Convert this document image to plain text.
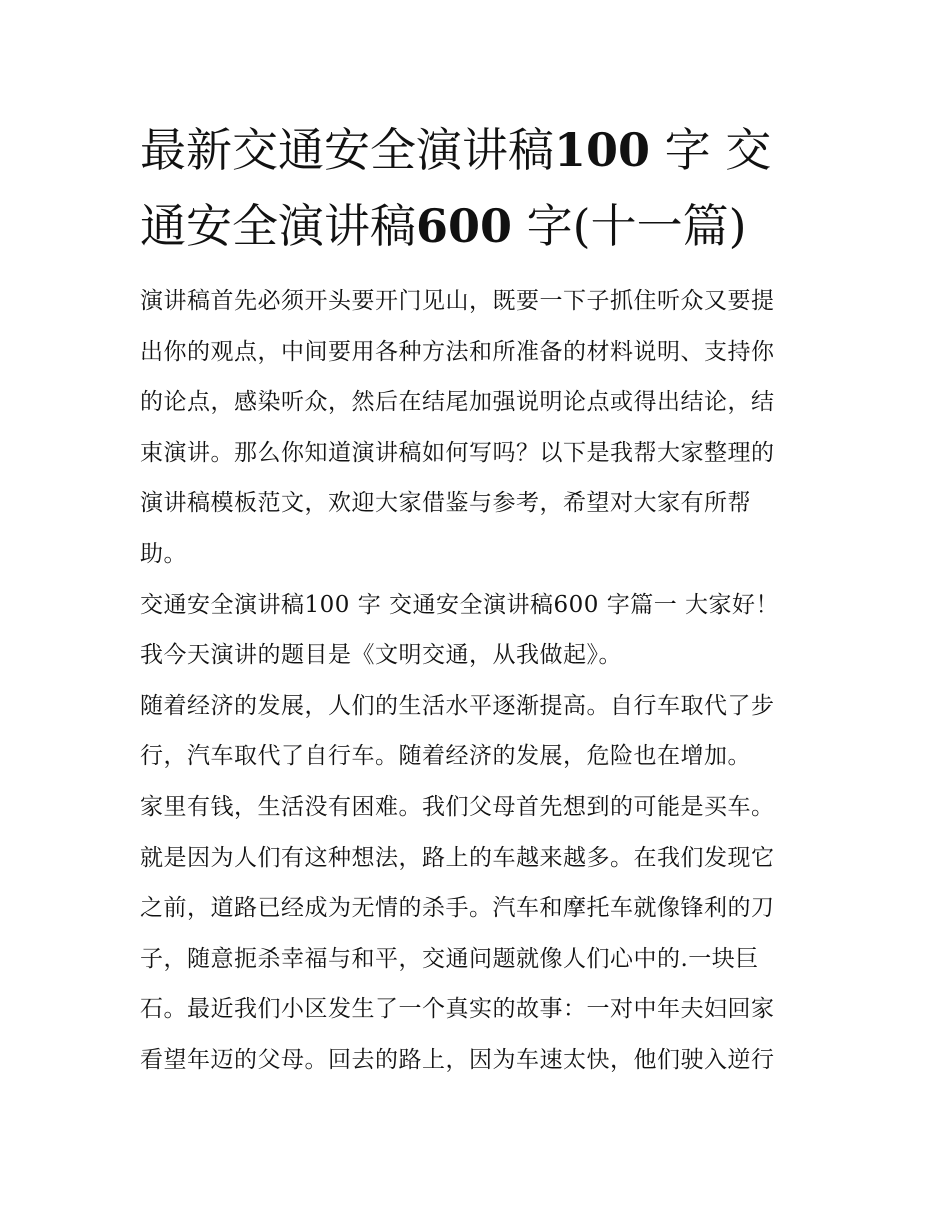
最新交通安全演讲稿100 字 交
通安全演讲稿600 字(十一篇)
演讲稿首先必须开头要开门见山，既要一下子抓住听众又要提
出你的观点，中间要用各种方法和所准备的材料说明、支持你
的论点，感染听众，然后在结尾加强说明论点或得出结论，结
束演讲。那么你知道演讲稿如何写吗？以下是我帮大家整理的
演讲稿模板范文，欢迎大家借鉴与参考，希望对大家有所帮
助。
交通安全演讲稿100 字 交通安全演讲稿600 字篇一 大家好！
我今天演讲的题目是《文明交通，从我做起》。
随着经济的发展，人们的生活水平逐渐提高。自行车取代了步
行，汽车取代了自行车。随着经济的发展，危险也在增加。
家里有钱，生活没有困难。我们父母首先想到的可能是买车。
就是因为人们有这种想法，路上的车越来越多。在我们发现它
之前，道路已经成为无情的杀手。汽车和摩托车就像锋利的刀
子，随意扼杀幸福与和平，交通问题就像人们心中的.一块巨
石。最近我们小区发生了一个真实的故事：一对中年夫妇回家
看望年迈的父母。回去的路上，因为车速太快，他们驶入逆行
